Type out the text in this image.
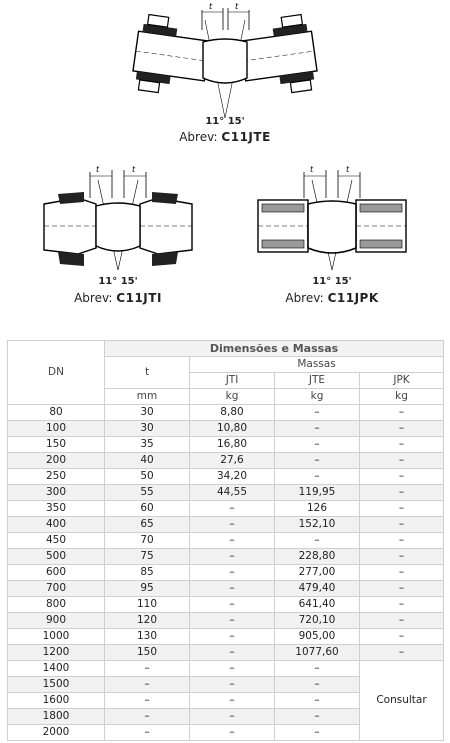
t	t
11° 15'
Abrev: C11JTE
t	t
11° 15'
Abrev: C11JTI
t	t
11° 15'
Abrev: C11JPK
DN	Dimensões e Massas			
	t	Massas		
		JTI	JTE	JPK
	mm	kg	kg	kg
80	30	8,80	–	–
100	30	10,80	–	–
150	35	16,80	–	–
200	40	27,6	–	–
250	50	34,20	–	–
300	55	44,55	119,95	–
350	60	–	126	–
400	65	–	152,10	–
450	70	–	–	–
500	75	–	228,80	–
600	85	–	277,00	–
700	95	–	479,40	–
800	110	–	641,40	–
900	120	–	720,10	–
1000	130	–	905,00	–
1200	150	–	1077,60	–
1400	–	–	–	Consultar
1500	–	–	–	
1600	–	–	–	
1800	–	–	–	
2000	–	–	–	
